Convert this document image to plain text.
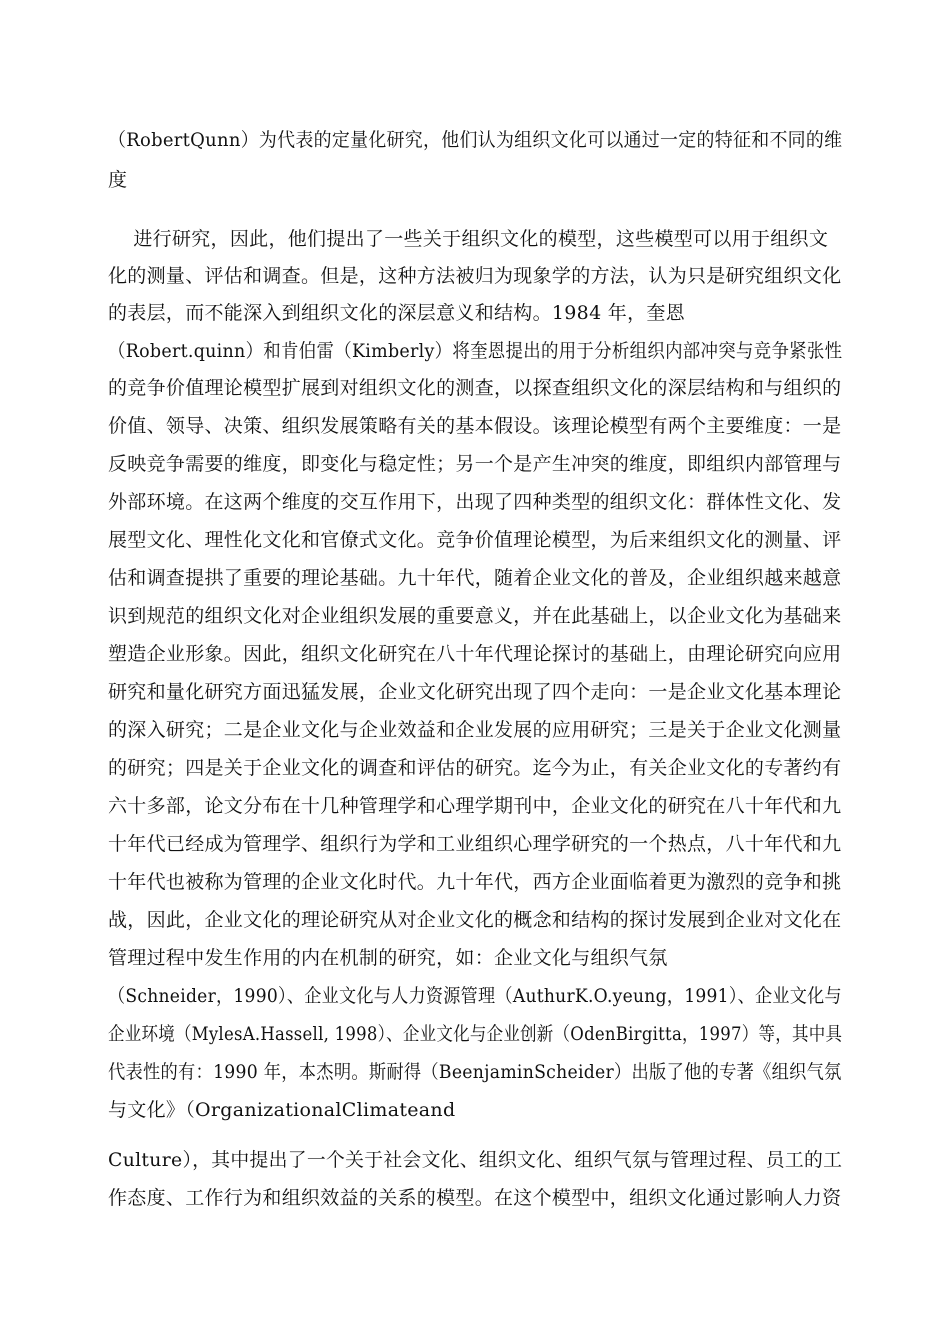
（RobertQunn）为代表的定量化研究，他们认为组织文化可以通过一定的特征和不同的维
度
进行研究，因此，他们提出了一些关于组织文化的模型，这些模型可以用于组织文
化的测量、评估和调查。但是，这种方法被归为现象学的方法，认为只是研究组织文化
的表层，而不能深入到组织文化的深层意义和结构。1984 年，奎恩
（Robert.quinn）和肯伯雷（Kimberly）将奎恩提出的用于分析组织内部冲突与竞争紧张性
的竞争价值理论模型扩展到对组织文化的测查，以探查组织文化的深层结构和与组织的
价值、领导、决策、组织发展策略有关的基本假设。该理论模型有两个主要维度：一是
反映竞争需要的维度，即变化与稳定性；另一个是产生冲突的维度，即组织内部管理与
外部环境。在这两个维度的交互作用下，出现了四种类型的组织文化：群体性文化、发
展型文化、理性化文化和官僚式文化。竞争价值理论模型，为后来组织文化的测量、评
估和调查提拱了重要的理论基础。九十年代，随着企业文化的普及，企业组织越来越意
识到规范的组织文化对企业组织发展的重要意义，并在此基础上，以企业文化为基础来
塑造企业形象。因此，组织文化研究在八十年代理论探讨的基础上，由理论研究向应用
研究和量化研究方面迅猛发展，企业文化研究出现了四个走向：一是企业文化基本理论
的深入研究；二是企业文化与企业效益和企业发展的应用研究；三是关于企业文化测量
的研究；四是关于企业文化的调查和评估的研究。迄今为止，有关企业文化的专著约有
六十多部，论文分布在十几种管理学和心理学期刊中，企业文化的研究在八十年代和九
十年代已经成为管理学、组织行为学和工业组织心理学研究的一个热点，八十年代和九
十年代也被称为管理的企业文化时代。九十年代，西方企业面临着更为激烈的竞争和挑
战，因此，企业文化的理论研究从对企业文化的概念和结构的探讨发展到企业对文化在
管理过程中发生作用的内在机制的研究，如：企业文化与组织气氛
（Schneider，1990）、企业文化与人力资源管理（AuthurK.O.yeung，1991）、企业文化与
企业环境（MylesA.Hassell, 1998）、企业文化与企业创新（OdenBirgitta，1997）等，其中具
代表性的有：1990 年，本杰明。斯耐得（BeenjaminScheider）出版了他的专著《组织气氛
与文化》（OrganizationalClimateand
Culture），其中提出了一个关于社会文化、组织文化、组织气氛与管理过程、员工的工
作态度、工作行为和组织效益的关系的模型。在这个模型中，组织文化通过影响人力资
